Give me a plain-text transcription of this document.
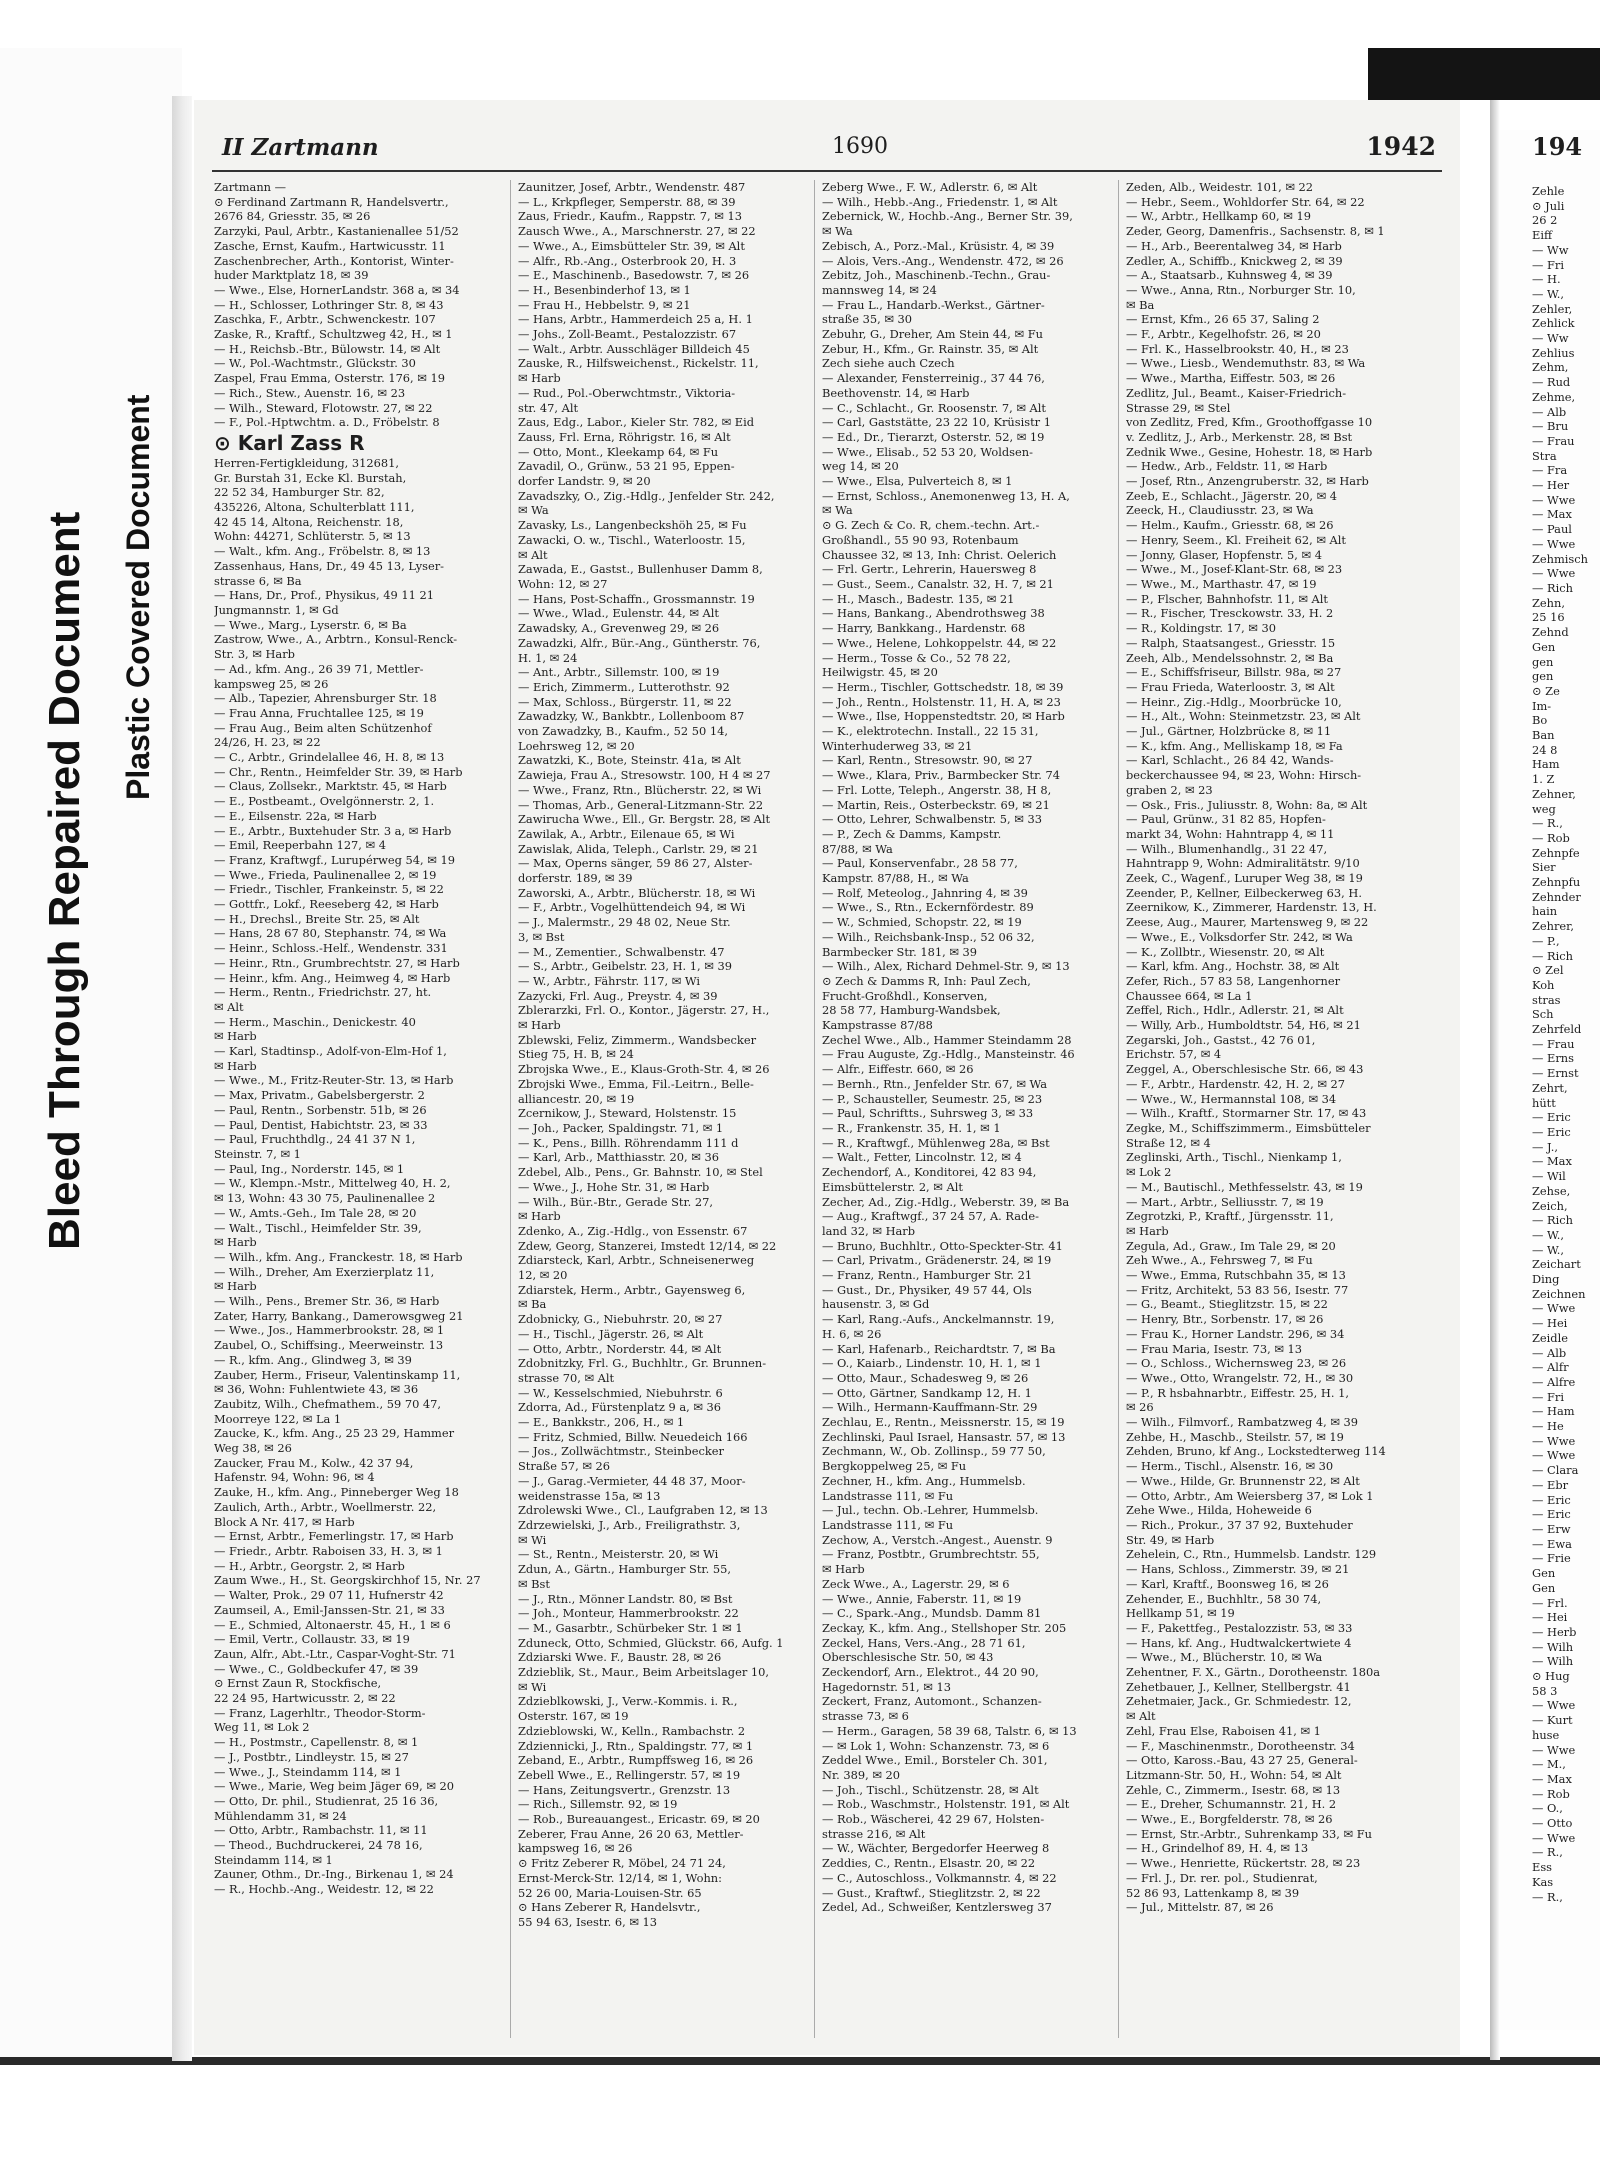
Bleed Through Repaired Document Plastic Covered Document
II Zartmann	1690	1942
Zartmann —
⊙ Ferdinand Zartmann R, Handelsvertr.,
2676 84, Griesstr. 35, ✉ 26
Zarzyki, Paul, Arbtr., Kastanienallee 51/52
Zasche, Ernst, Kaufm., Hartwicusstr. 11
Zaschenbrecher, Arth., Kontorist, Winter-
huder Marktplatz 18, ✉ 39
— Wwe., Else, HornerLandstr. 368 a, ✉ 34
— H., Schlosser, Lothringer Str. 8, ✉ 43
Zaschka, F., Arbtr., Schwenckestr. 107
Zaske, R., Kraftf., Schultzweg 42, H., ✉ 1
— H., Reichsb.-Btr., Bülowstr. 14, ✉ Alt
— W., Pol.-Wachtmstr., Glückstr. 30
Zaspel, Frau Emma, Osterstr. 176, ✉ 19
— Rich., Stew., Auenstr. 16, ✉ 23
— Wilh., Steward, Flotowstr. 27, ✉ 22
— F., Pol.-Hptwchtm. a. D., Fröbelstr. 8
⊙ Karl Zass R
Herren-Fertigkleidung, 312681,
Gr. Burstah 31, Ecke Kl. Burstah,
22 52 34, Hamburger Str. 82,
435226, Altona, Schulterblatt 111,
42 45 14, Altona, Reichenstr. 18,
Wohn: 44271, Schlüterstr. 5, ✉ 13
— Walt., kfm. Ang., Fröbelstr. 8, ✉ 13
Zassenhaus, Hans, Dr., 49 45 13, Lyser-
strasse 6, ✉ Ba
— Hans, Dr., Prof., Physikus, 49 11 21
Jungmannstr. 1, ✉ Gd
— Wwe., Marg., Lyserstr. 6, ✉ Ba
Zastrow, Wwe., A., Arbtrn., Konsul-Renck-
Str. 3, ✉ Harb
— Ad., kfm. Ang., 26 39 71, Mettler-
kampsweg 25, ✉ 26
— Alb., Tapezier, Ahrensburger Str. 18
— Frau Anna, Fruchtallee 125, ✉ 19
— Frau Aug., Beim alten Schützenhof
24/26, H. 23, ✉ 22
— C., Arbtr., Grindelallee 46, H. 8, ✉ 13
— Chr., Rentn., Heimfelder Str. 39, ✉ Harb
— Claus, Zollsekr., Marktstr. 45, ✉ Harb
— E., Postbeamt., Ovelgönnerstr. 2, 1.
— E., Eilsenstr. 22a, ✉ Harb
— E., Arbtr., Buxtehuder Str. 3 a, ✉ Harb
— Emil, Reeperbahn 127, ✉ 4
— Franz, Kraftwgf., Lurupérweg 54, ✉ 19
— Wwe., Frieda, Paulinenallee 2, ✉ 19
— Friedr., Tischler, Frankeinstr. 5, ✉ 22
— Gottfr., Lokf., Reeseberg 42, ✉ Harb
— H., Drechsl., Breite Str. 25, ✉ Alt
— Hans, 28 67 80, Stephanstr. 74, ✉ Wa
— Heinr., Schloss.-Helf., Wendenstr. 331
— Heinr., Rtn., Grumbrechtstr. 27, ✉ Harb
— Heinr., kfm. Ang., Heimweg 4, ✉ Harb
— Herm., Rentn., Friedrichstr. 27, ht.
✉ Alt
— Herm., Maschin., Denickestr. 40
✉ Harb
— Karl, Stadtinsp., Adolf-von-Elm-Hof 1,
✉ Harb
— Wwe., M., Fritz-Reuter-Str. 13, ✉ Harb
— Max, Privatm., Gabelsbergerstr. 2
— Paul, Rentn., Sorbenstr. 51b, ✉ 26
— Paul, Dentist, Habichtstr. 23, ✉ 33
— Paul, Fruchthdlg., 24 41 37 N 1,
Steinstr. 7, ✉ 1
— Paul, Ing., Norderstr. 145, ✉ 1
— W., Klempn.-Mstr., Mittelweg 40, H. 2,
✉ 13, Wohn: 43 30 75, Paulinenallee 2
— W., Amts.-Geh., Im Tale 28, ✉ 20
— Walt., Tischl., Heimfelder Str. 39,
✉ Harb
— Wilh., kfm. Ang., Franckestr. 18, ✉ Harb
— Wilh., Dreher, Am Exerzierplatz 11,
✉ Harb
— Wilh., Pens., Bremer Str. 36, ✉ Harb
Zater, Harry, Bankang., Damerowsgweg 21
— Wwe., Jos., Hammerbrookstr. 28, ✉ 1
Zaubel, O., Schiffsing., Meerweinstr. 13
— R., kfm. Ang., Glindweg 3, ✉ 39
Zauber, Herm., Friseur, Valentinskamp 11,
✉ 36, Wohn: Fuhlentwiete 43, ✉ 36
Zaubitz, Wilh., Chefmathem., 59 70 47,
Moorreye 122, ✉ La 1
Zaucke, K., kfm. Ang., 25 23 29, Hammer
Weg 38, ✉ 26
Zaucker, Frau M., Kolw., 42 37 94,
Hafenstr. 94, Wohn: 96, ✉ 4
Zauke, H., kfm. Ang., Pinneberger Weg 18
Zaulich, Arth., Arbtr., Woellmerstr. 22,
Block A Nr. 417, ✉ Harb
— Ernst, Arbtr., Femerlingstr. 17, ✉ Harb
— Friedr., Arbtr. Raboisen 33, H. 3, ✉ 1
— H., Arbtr., Georgstr. 2, ✉ Harb
Zaum Wwe., H., St. Georgskirchhof 15, Nr. 27
— Walter, Prok., 29 07 11, Hufnerstr 42
Zaumseil, A., Emil-Janssen-Str. 21, ✉ 33
— E., Schmied, Altonaerstr. 45, H., 1 ✉ 6
— Emil, Vertr., Collaustr. 33, ✉ 19
Zaun, Alfr., Abt.-Ltr., Caspar-Voght-Str. 71
— Wwe., C., Goldbeckufer 47, ✉ 39
⊙ Ernst Zaun R, Stockfische,
22 24 95, Hartwicusstr. 2, ✉ 22
— Franz, Lagerhltr., Theodor-Storm-
Weg 11, ✉ Lok 2
— H., Postmstr., Capellenstr. 8, ✉ 1
— J., Postbtr., Lindleystr. 15, ✉ 27
— Wwe., J., Steindamm 114, ✉ 1
— Wwe., Marie, Weg beim Jäger 69, ✉ 20
— Otto, Dr. phil., Studienrat, 25 16 36,
Mühlendamm 31, ✉ 24
— Otto, Arbtr., Rambachstr. 11, ✉ 11
— Theod., Buchdruckerei, 24 78 16,
Steindamm 114, ✉ 1
Zauner, Othm., Dr.-Ing., Birkenau 1, ✉ 24
— R., Hochb.-Ang., Weidestr. 12, ✉ 22
Zaunitzer, Josef, Arbtr., Wendenstr. 487
— L., Krkpfleger, Semperstr. 88, ✉ 39
Zaus, Friedr., Kaufm., Rappstr. 7, ✉ 13
Zausch Wwe., A., Marschnerstr. 27, ✉ 22
— Wwe., A., Eimsbütteler Str. 39, ✉ Alt
— Alfr., Rb.-Ang., Osterbrook 20, H. 3
— E., Maschinenb., Basedowstr. 7, ✉ 26
— H., Besenbinderhof 13, ✉ 1
— Frau H., Hebbelstr. 9, ✉ 21
— Hans, Arbtr., Hammerdeich 25 a, H. 1
— Johs., Zoll-Beamt., Pestalozzistr. 67
— Walt., Arbtr. Ausschläger Billdeich 45
Zauske, R., Hilfsweichenst., Rickelstr. 11,
✉ Harb
— Rud., Pol.-Oberwchtmstr., Viktoria-
str. 47, Alt
Zaus, Edg., Labor., Kieler Str. 782, ✉ Eid
Zauss, Frl. Erna, Röhrigstr. 16, ✉ Alt
— Otto, Mont., Kleekamp 64, ✉ Fu
Zavadil, O., Grünw., 53 21 95, Eppen-
dorfer Landstr. 9, ✉ 20
Zavadszky, O., Zig.-Hdlg., Jenfelder Str. 242,
✉ Wa
Zavasky, Ls., Langenbeckshöh 25, ✉ Fu
Zawacki, O. w., Tischl., Waterloostr. 15,
✉ Alt
Zawada, E., Gastst., Bullenhuser Damm 8,
Wohn: 12, ✉ 27
— Hans, Post-Schaffn., Grossmannstr. 19
— Wwe., Wlad., Eulenstr. 44, ✉ Alt
Zawadsky, A., Grevenweg 29, ✉ 26
Zawadzki, Alfr., Bür.-Ang., Güntherstr. 76,
H. 1, ✉ 24
— Ant., Arbtr., Sillemstr. 100, ✉ 19
— Erich, Zimmerm., Lutterothstr. 92
— Max, Schloss., Bürgerstr. 11, ✉ 22
Zawadzky, W., Bankbtr., Lollenboom 87
von Zawadzky, B., Kaufm., 52 50 14,
Loehrsweg 12, ✉ 20
Zawatzki, K., Bote, Steinstr. 41a, ✉ Alt
Zawieja, Frau A., Stresowstr. 100, H 4 ✉ 27
— Wwe., Franz, Rtn., Blücherstr. 22, ✉ Wi
— Thomas, Arb., General-Litzmann-Str. 22
Zawirucha Wwe., Ell., Gr. Bergstr. 28, ✉ Alt
Zawilak, A., Arbtr., Eilenaue 65, ✉ Wi
Zawislak, Alida, Teleph., Carlstr. 29, ✉ 21
— Max, Operns sänger, 59 86 27, Alster-
dorferstr. 189, ✉ 39
Zaworski, A., Arbtr., Blücherstr. 18, ✉ Wi
— F., Arbtr., Vogelhüttendeich 94, ✉ Wi
— J., Malermstr., 29 48 02, Neue Str.
3, ✉ Bst
— M., Zementier., Schwalbenstr. 47
— S., Arbtr., Geibelstr. 23, H. 1, ✉ 39
— W., Arbtr., Fährstr. 117, ✉ Wi
Zazycki, Frl. Aug., Preystr. 4, ✉ 39
Zblerarzki, Frl. O., Kontor., Jägerstr. 27, H.,
✉ Harb
Zblewski, Feliz, Zimmerm., Wandsbecker
Stieg 75, H. B, ✉ 24
Zbrojska Wwe., E., Klaus-Groth-Str. 4, ✉ 26
Zbrojski Wwe., Emma, Fil.-Leitrn., Belle-
alliancestr. 20, ✉ 19
Zcernikow, J., Steward, Holstenstr. 15
— Joh., Packer, Spaldingstr. 71, ✉ 1
— K., Pens., Billh. Röhrendamm 111 d
— Karl, Arb., Matthiasstr. 20, ✉ 36
Zdebel, Alb., Pens., Gr. Bahnstr. 10, ✉ Stel
— Wwe., J., Hohe Str. 31, ✉ Harb
— Wilh., Bür.-Btr., Gerade Str. 27,
✉ Harb
Zdenko, A., Zig.-Hdlg., von Essenstr. 67
Zdew, Georg, Stanzerei, Imstedt 12/14, ✉ 22
Zdiarsteck, Karl, Arbtr., Schneisenerweg
12, ✉ 20
Zdiarstek, Herm., Arbtr., Gayensweg 6,
✉ Ba
Zdobnicky, G., Niebuhrstr. 20, ✉ 27
— H., Tischl., Jägerstr. 26, ✉ Alt
— Otto, Arbtr., Norderstr. 44, ✉ Alt
Zdobnitzky, Frl. G., Buchhltr., Gr. Brunnen-
strasse 70, ✉ Alt
— W., Kesselschmied, Niebuhrstr. 6
Zdorra, Ad., Fürstenplatz 9 a, ✉ 36
— E., Bankkstr., 206, H., ✉ 1
— Fritz, Schmied, Billw. Neuedeich 166
— Jos., Zollwächtmstr., Steinbecker
Straße 57, ✉ 26
— J., Garag.-Vermieter, 44 48 37, Moor-
weidenstrasse 15a, ✉ 13
Zdrolewski Wwe., Cl., Laufgraben 12, ✉ 13
Zdrzewielski, J., Arb., Freiligrathstr. 3,
✉ Wi
— St., Rentn., Meisterstr. 20, ✉ Wi
Zdun, A., Gärtn., Hamburger Str. 55,
✉ Bst
— J., Rtn., Mönner Landstr. 80, ✉ Bst
— Joh., Monteur, Hammerbrookstr. 22
— M., Gasarbtr., Schürbeker Str. 1 ✉ 1
Zduneck, Otto, Schmied, Glückstr. 66, Aufg. 1
Zdziarski Wwe. F., Baustr. 28, ✉ 26
Zdzieblik, St., Maur., Beim Arbeitslager 10,
✉ Wi
Zdzieblkowski, J., Verw.-Kommis. i. R.,
Osterstr. 167, ✉ 19
Zdzieblowski, W., Kelln., Rambachstr. 2
Zdziennicki, J., Rtn., Spaldingstr. 77, ✉ 1
Zeband, E., Arbtr., Rumpffsweg 16, ✉ 26
Zebell Wwe., E., Rellingerstr. 57, ✉ 19
— Hans, Zeitungsvertr., Grenzstr. 13
— Rich., Sillemstr. 92, ✉ 19
— Rob., Bureauangest., Ericastr. 69, ✉ 20
Zeberer, Frau Anne, 26 20 63, Mettler-
kampsweg 16, ✉ 26
⊙ Fritz Zeberer R, Möbel, 24 71 24,
Ernst-Merck-Str. 12/14, ✉ 1, Wohn:
52 26 00, Maria-Louisen-Str. 65
⊙ Hans Zeberer R, Handelsvtr.,
55 94 63, Isestr. 6, ✉ 13
Zeberg Wwe., F. W., Adlerstr. 6, ✉ Alt
— Wilh., Hebb.-Ang., Friedenstr. 1, ✉ Alt
Zebernick, W., Hochb.-Ang., Berner Str. 39,
✉ Wa
Zebisch, A., Porz.-Mal., Krüsistr. 4, ✉ 39
— Alois, Vers.-Ang., Wendenstr. 472, ✉ 26
Zebitz, Joh., Maschinenb.-Techn., Grau-
mannsweg 14, ✉ 24
— Frau L., Handarb.-Werkst., Gärtner-
straße 35, ✉ 30
Zebuhr, G., Dreher, Am Stein 44, ✉ Fu
Zebur, H., Kfm., Gr. Rainstr. 35, ✉ Alt
Zech siehe auch Czech
— Alexander, Fensterreinig., 37 44 76,
Beethovenstr. 14, ✉ Harb
— C., Schlacht., Gr. Roosenstr. 7, ✉ Alt
— Carl, Gaststätte, 23 22 10, Krüsistr 1
— Ed., Dr., Tierarzt, Osterstr. 52, ✉ 19
— Wwe., Elisab., 52 53 20, Woldsen-
weg 14, ✉ 20
— Wwe., Elsa, Pulverteich 8, ✉ 1
— Ernst, Schloss., Anemonenweg 13, H. A,
✉ Wa
⊙ G. Zech & Co. R, chem.-techn. Art.-
Großhandl., 55 90 93, Rotenbaum
Chaussee 32, ✉ 13, Inh: Christ. Oelerich
— Frl. Gertr., Lehrerin, Hauersweg 8
— Gust., Seem., Canalstr. 32, H. 7, ✉ 21
— H., Masch., Badestr. 135, ✉ 21
— Hans, Bankang., Abendrothsweg 38
— Harry, Bankkang., Hardenstr. 68
— Wwe., Helene, Lohkoppelstr. 44, ✉ 22
— Herm., Tosse & Co., 52 78 22,
Heilwigstr. 45, ✉ 20
— Herm., Tischler, Gottschedstr. 18, ✉ 39
— Joh., Rentn., Holstenstr. 11, H. A, ✉ 23
— Wwe., Ilse, Hoppenstedtstr. 20, ✉ Harb
— K., elektrotechn. Install., 22 15 31,
Winterhuderweg 33, ✉ 21
— Karl, Rentn., Stresowstr. 90, ✉ 27
— Wwe., Klara, Priv., Barmbecker Str. 74
— Frl. Lotte, Teleph., Angerstr. 38, H 8,
— Martin, Reis., Osterbeckstr. 69, ✉ 21
— Otto, Lehrer, Schwalbenstr. 5, ✉ 33
— P., Zech & Damms, Kampstr.
87/88, ✉ Wa
— Paul, Konservenfabr., 28 58 77,
Kampstr. 87/88, H., ✉ Wa
— Rolf, Meteolog., Jahnring 4, ✉ 39
— Wwe., S., Rtn., Eckernfördestr. 89
— W., Schmied, Schopstr. 22, ✉ 19
— Wilh., Reichsbank-Insp., 52 06 32,
Barmbecker Str. 181, ✉ 39
— Wilh., Alex, Richard Dehmel-Str. 9, ✉ 13
⊙ Zech & Damms R, Inh: Paul Zech,
Frucht-Großhdl., Konserven,
28 58 77, Hamburg-Wandsbek,
Kampstrasse 87/88
Zechel Wwe., Alb., Hammer Steindamm 28
— Frau Auguste, Zg.-Hdlg., Mansteinstr. 46
— Alfr., Eiffestr. 660, ✉ 26
— Bernh., Rtn., Jenfelder Str. 67, ✉ Wa
— P., Schausteller, Seumestr. 25, ✉ 23
— Paul, Schriftts., Suhrsweg 3, ✉ 33
— R., Frankenstr. 35, H. 1, ✉ 1
— R., Kraftwgf., Mühlenweg 28a, ✉ Bst
— Walt., Fetter, Lincolnstr. 12, ✉ 4
Zechendorf, A., Konditorei, 42 83 94,
Eimsbüttelerstr. 2, ✉ Alt
Zecher, Ad., Zig.-Hdlg., Weberstr. 39, ✉ Ba
— Aug., Kraftwgf., 37 24 57, A. Rade-
land 32, ✉ Harb
— Bruno, Buchhltr., Otto-Speckter-Str. 41
— Carl, Privatm., Grädenerstr. 24, ✉ 19
— Franz, Rentn., Hamburger Str. 21
— Gust., Dr., Physiker, 49 57 44, Ols
hausenstr. 3, ✉ Gd
— Karl, Rang.-Aufs., Anckelmannstr. 19,
H. 6, ✉ 26
— Karl, Hafenarb., Reichardtstr. 7, ✉ Ba
— O., Kaiarb., Lindenstr. 10, H. 1, ✉ 1
— Otto, Maur., Schadesweg 9, ✉ 26
— Otto, Gärtner, Sandkamp 12, H. 1
— Wilh., Hermann-Kauffmann-Str. 29
Zechlau, E., Rentn., Meissnerstr. 15, ✉ 19
Zechlinski, Paul Israel, Hansastr. 57, ✉ 13
Zechmann, W., Ob. Zollinsp., 59 77 50,
Bergkoppelweg 25, ✉ Fu
Zechner, H., kfm. Ang., Hummelsb.
Landstrasse 111, ✉ Fu
— Jul., techn. Ob.-Lehrer, Hummelsb.
Landstrasse 111, ✉ Fu
Zechow, A., Verstch.-Angest., Auenstr. 9
— Franz, Postbtr., Grumbrechtstr. 55,
✉ Harb
Zeck Wwe., A., Lagerstr. 29, ✉ 6
— Wwe., Annie, Faberstr. 11, ✉ 19
— C., Spark.-Ang., Mundsb. Damm 81
Zeckay, K., kfm. Ang., Stellshoper Str. 205
Zeckel, Hans, Vers.-Ang., 28 71 61,
Oberschlesische Str. 50, ✉ 43
Zeckendorf, Arn., Elektrot., 44 20 90,
Hagedornstr. 51, ✉ 13
Zeckert, Franz, Automont., Schanzen-
strasse 73, ✉ 6
— Herm., Garagen, 58 39 68, Talstr. 6, ✉ 13
— ✉ Lok 1, Wohn: Schanzenstr. 73, ✉ 6
Zeddel Wwe., Emil., Borsteler Ch. 301,
Nr. 389, ✉ 20
— Joh., Tischl., Schützenstr. 28, ✉ Alt
— Rob., Waschmstr., Holstenstr. 191, ✉ Alt
— Rob., Wäscherei, 42 29 67, Holsten-
strasse 216, ✉ Alt
— W., Wächter, Bergedorfer Heerweg 8
Zeddies, C., Rentn., Elsastr. 20, ✉ 22
— C., Autoschloss., Volkmannstr. 4, ✉ 22
— Gust., Kraftwf., Stieglitzstr. 2, ✉ 22
Zedel, Ad., Schweißer, Kentzlersweg 37
Zeden, Alb., Weidestr. 101, ✉ 22
— Hebr., Seem., Wohldorfer Str. 64, ✉ 22
— W., Arbtr., Hellkamp 60, ✉ 19
Zeder, Georg, Damenfris., Sachsenstr. 8, ✉ 1
— H., Arb., Beerentalweg 34, ✉ Harb
Zedler, A., Schiffb., Knickweg 2, ✉ 39
— A., Staatsarb., Kuhnsweg 4, ✉ 39
— Wwe., Anna, Rtn., Norburger Str. 10,
✉ Ba
— Ernst, Kfm., 26 65 37, Saling 2
— F., Arbtr., Kegelhofstr. 26, ✉ 20
— Frl. K., Hasselbrookstr. 40, H., ✉ 23
— Wwe., Liesb., Wendemuthstr. 83, ✉ Wa
— Wwe., Martha, Eiffestr. 503, ✉ 26
Zedlitz, Jul., Beamt., Kaiser-Friedrich-
Strasse 29, ✉ Stel
von Zedlitz, Fred, Kfm., Groothoffgasse 10
v. Zedlitz, J., Arb., Merkenstr. 28, ✉ Bst
Zednik Wwe., Gesine, Hohestr. 18, ✉ Harb
— Hedw., Arb., Feldstr. 11, ✉ Harb
— Josef, Rtn., Anzengruberstr. 32, ✉ Harb
Zeeb, E., Schlacht., Jägerstr. 20, ✉ 4
Zeeck, H., Claudiusstr. 23, ✉ Wa
— Helm., Kaufm., Griesstr. 68, ✉ 26
— Henry, Seem., Kl. Freiheit 62, ✉ Alt
— Jonny, Glaser, Hopfenstr. 5, ✉ 4
— Wwe., M., Josef-Klant-Str. 68, ✉ 23
— Wwe., M., Marthastr. 47, ✉ 19
— P., Flscher, Bahnhofstr. 11, ✉ Alt
— R., Fischer, Tresckowstr. 33, H. 2
— R., Koldingstr. 17, ✉ 30
— Ralph, Staatsangest., Griesstr. 15
Zeeh, Alb., Mendelssohnstr. 2, ✉ Ba
— E., Schiffsfriseur, Billstr. 98a, ✉ 27
— Frau Frieda, Waterloostr. 3, ✉ Alt
— Heinr., Zig.-Hdlg., Moorbrücke 10,
— H., Alt., Wohn: Steinmetzstr. 23, ✉ Alt
— Jul., Gärtner, Holzbrücke 8, ✉ 11
— K., kfm. Ang., Melliskamp 18, ✉ Fa
— Karl, Schlacht., 26 84 42, Wands-
beckerchaussee 94, ✉ 23, Wohn: Hirsch-
graben 2, ✉ 23
— Osk., Fris., Juliusstr. 8, Wohn: 8a, ✉ Alt
— Paul, Grünw., 31 82 85, Hopfen-
markt 34, Wohn: Hahntrapp 4, ✉ 11
— Wilh., Blumenhandlg., 31 22 47,
Hahntrapp 9, Wohn: Admiralitätstr. 9/10
Zeek, C., Wagenf., Luruper Weg 38, ✉ 19
Zeender, P., Kellner, Eilbeckerweg 63, H.
Zeernikow, K., Zimmerer, Hardenstr. 13, H.
Zeese, Aug., Maurer, Martensweg 9, ✉ 22
— Wwe., E., Volksdorfer Str. 242, ✉ Wa
— K., Zollbtr., Wiesenstr. 20, ✉ Alt
— Karl, kfm. Ang., Hochstr. 38, ✉ Alt
Zefer, Rich., 57 83 58, Langenhorner
Chaussee 664, ✉ La 1
Zeffel, Rich., Hdlr., Adlerstr. 21, ✉ Alt
— Willy, Arb., Humboldtstr. 54, H6, ✉ 21
Zegarski, Joh., Gastst., 42 76 01,
Erichstr. 57, ✉ 4
Zeggel, A., Oberschlesische Str. 66, ✉ 43
— F., Arbtr., Hardenstr. 42, H. 2, ✉ 27
— Wwe., W., Hermannstal 108, ✉ 34
— Wilh., Kraftf., Stormarner Str. 17, ✉ 43
Zegke, M., Schiffszimmerm., Eimsbütteler
Straße 12, ✉ 4
Zeglinski, Arth., Tischl., Nienkamp 1,
✉ Lok 2
— M., Bautischl., Methfesselstr. 43, ✉ 19
— Mart., Arbtr., Selliusstr. 7, ✉ 19
Zegrotzki, P., Kraftf., Jürgensstr. 11,
✉ Harb
Zegula, Ad., Graw., Im Tale 29, ✉ 20
Zeh Wwe., A., Fehrsweg 7, ✉ Fu
— Wwe., Emma, Rutschbahn 35, ✉ 13
— Fritz, Architekt, 53 83 56, Isestr. 77
— G., Beamt., Stieglitzstr. 15, ✉ 22
— Henry, Btr., Sorbenstr. 17, ✉ 26
— Frau K., Horner Landstr. 296, ✉ 34
— Frau Maria, Isestr. 73, ✉ 13
— O., Schloss., Wichernsweg 23, ✉ 26
— Wwe., Otto, Wrangelstr. 72, H., ✉ 30
— P., R hsbahnarbtr., Eiffestr. 25, H. 1,
✉ 26
— Wilh., Filmvorf., Rambatzweg 4, ✉ 39
Zehbe, H., Maschb., Steilstr. 57, ✉ 19
Zehden, Bruno, kf Ang., Lockstedterweg 114
— Herm., Tischl., Alsenstr. 16, ✉ 30
— Wwe., Hilde, Gr. Brunnenstr 22, ✉ Alt
— Otto, Arbtr., Am Weiersberg 37, ✉ Lok 1
Zehe Wwe., Hilda, Hoheweide 6
— Rich., Prokur., 37 37 92, Buxtehuder
Str. 49, ✉ Harb
Zehelein, C., Rtn., Hummelsb. Landstr. 129
— Hans, Schloss., Zimmerstr. 39, ✉ 21
— Karl, Kraftf., Boonsweg 16, ✉ 26
Zehender, E., Buchhltr., 58 30 74,
Hellkamp 51, ✉ 19
— F., Pakettfeg., Pestalozzistr. 53, ✉ 33
— Hans, kf. Ang., Hudtwalckertwiete 4
— Wwe., M., Blücherstr. 10, ✉ Wa
Zehentner, F. X., Gärtn., Dorotheenstr. 180a
Zehetbauer, J., Kellner, Stellbergstr. 41
Zehetmaier, Jack., Gr. Schmiedestr. 12,
✉ Alt
Zehl, Frau Else, Raboisen 41, ✉ 1
— F., Maschinenmstr., Dorotheenstr. 34
— Otto, Kaross.-Bau, 43 27 25, General-
Litzmann-Str. 50, H., Wohn: 54, ✉ Alt
Zehle, C., Zimmerm., Isestr. 68, ✉ 13
— E., Dreher, Schumannstr. 21, H. 2
— Wwe., E., Borgfelderstr. 78, ✉ 26
— Ernst, Str.-Arbtr., Suhrenkamp 33, ✉ Fu
— H., Grindelhof 89, H. 4, ✉ 13
— Wwe., Henriette, Rückertstr. 28, ✉ 23
— Frl. J., Dr. rer. pol., Studienrat,
52 86 93, Lattenkamp 8, ✉ 39
— Jul., Mittelstr. 87, ✉ 26
194
Zehle
⊙ Juli
26 2
Eiff
— Ww
— Fri
— H.
— W.,
Zehler,
Zehlick
— Ww
Zehlius
Zehm,
— Rud
Zehme,
— Alb
— Bru
— Frau
Stra
— Fra
— Her
— Wwe
— Max
— Paul
— Wwe
Zehmisch
— Wwe
— Rich
Zehn,
25 16
Zehnd
Gen
gen
gen
⊙ Ze
Im-
Bo
Ban
24 8
Ham
1. Z
Zehner,
weg
— R.,
— Rob
Zehnpfe
Sier
Zehnpfu
Zehnder
hain
Zehrer,
— P.,
— Rich
⊙ Zel
Koh
stras
Sch
Zehrfeld
— Frau
— Erns
— Ernst
Zehrt,
hütt
— Eric
— Eric
— J.,
— Max
— Wil
Zehse,
Zeich,
— Rich
— W.,
— W.,
Zeichart
Ding
Zeichnen
— Wwe
— Hei
Zeidle
— Alb
— Alfr
— Alfre
— Fri
— Ham
— He
— Wwe
— Wwe
— Clara
— Ebr
— Eric
— Eric
— Erw
— Ewa
— Frie
Gen
Gen
— Frl.
— Hei
— Herb
— Wilh
— Wilh
⊙ Hug
58 3
— Wwe
— Kurt
huse
— Wwe
— M.,
— Max
— Rob
— O.,
— Otto
— Wwe
— R.,
Ess
Kas
— R.,
